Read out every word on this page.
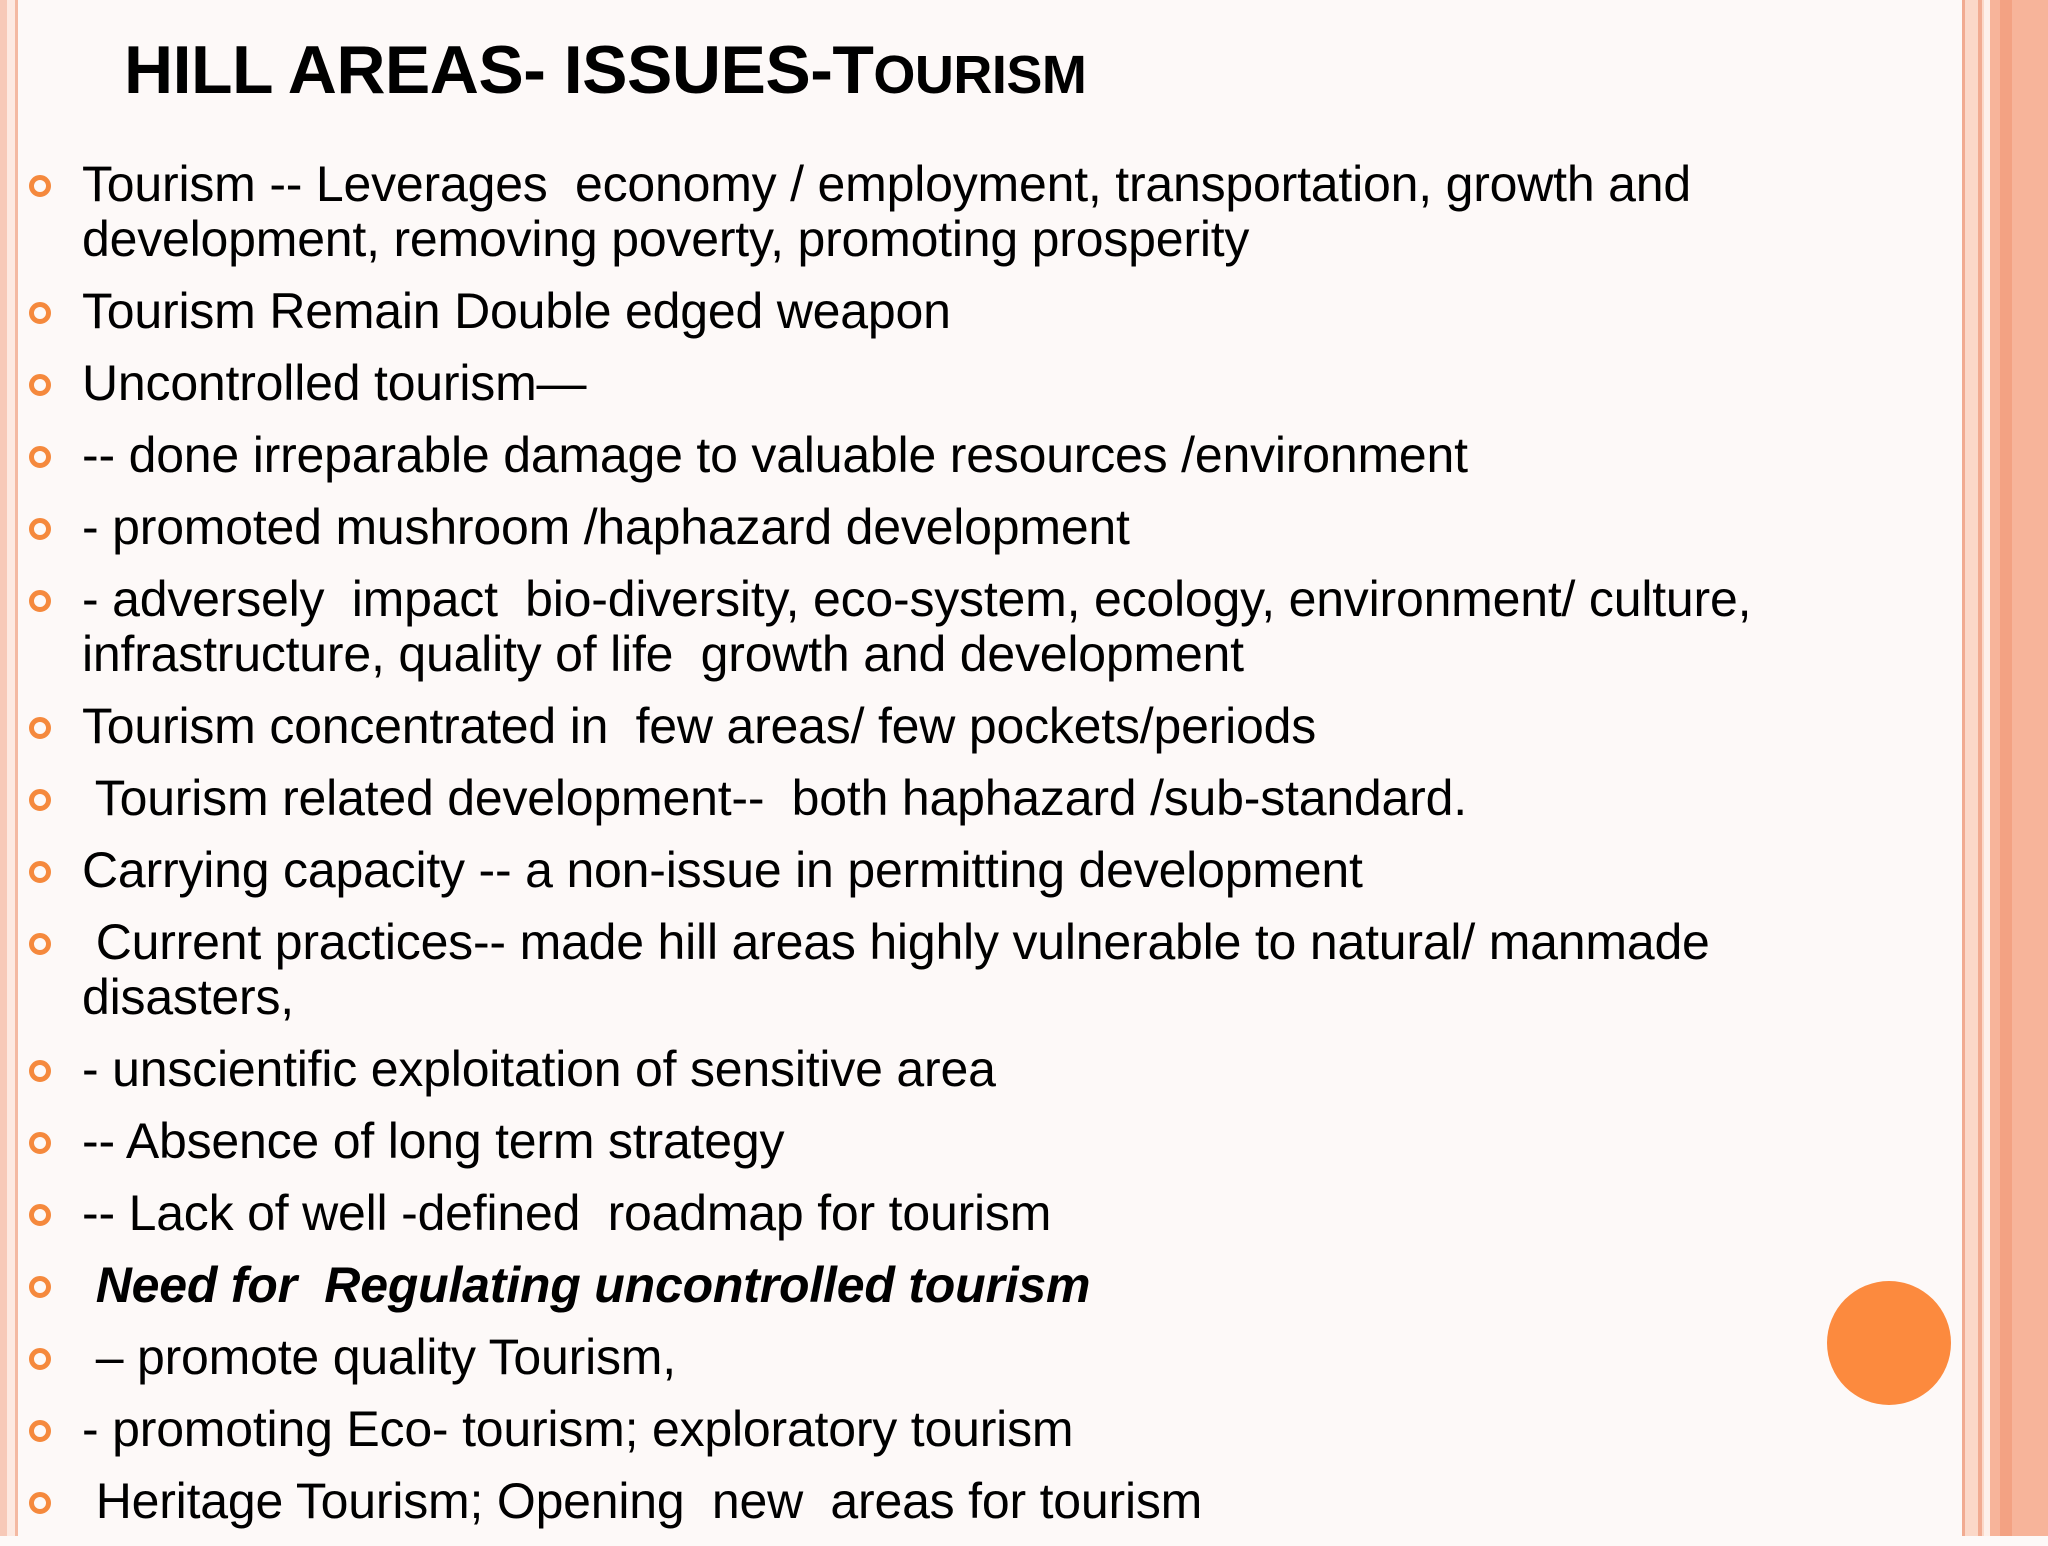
HILL AREAS- ISSUES-TOURISM
Tourism -- Leverages  economy / employment, transportation, growth and
development, removing poverty, promoting prosperity
Tourism Remain Double edged weapon
Uncontrolled tourism—
-- done irreparable damage to valuable resources /environment
- promoted mushroom /haphazard development
- adversely  impact  bio-diversity, eco-system, ecology, environment/ culture,
infrastructure, quality of life  growth and development
Tourism concentrated in  few areas/ few pockets/periods
Tourism related development--  both haphazard /sub-standard.
Carrying capacity -- a non-issue in permitting development
Current practices-- made hill areas highly vulnerable to natural/ manmade
disasters,
- unscientific exploitation of sensitive area
-- Absence of long term strategy
-- Lack of well -defined  roadmap for tourism
Need for  Regulating uncontrolled tourism
– promote quality Tourism,
- promoting Eco- tourism; exploratory tourism
Heritage Tourism; Opening  new  areas for tourism
